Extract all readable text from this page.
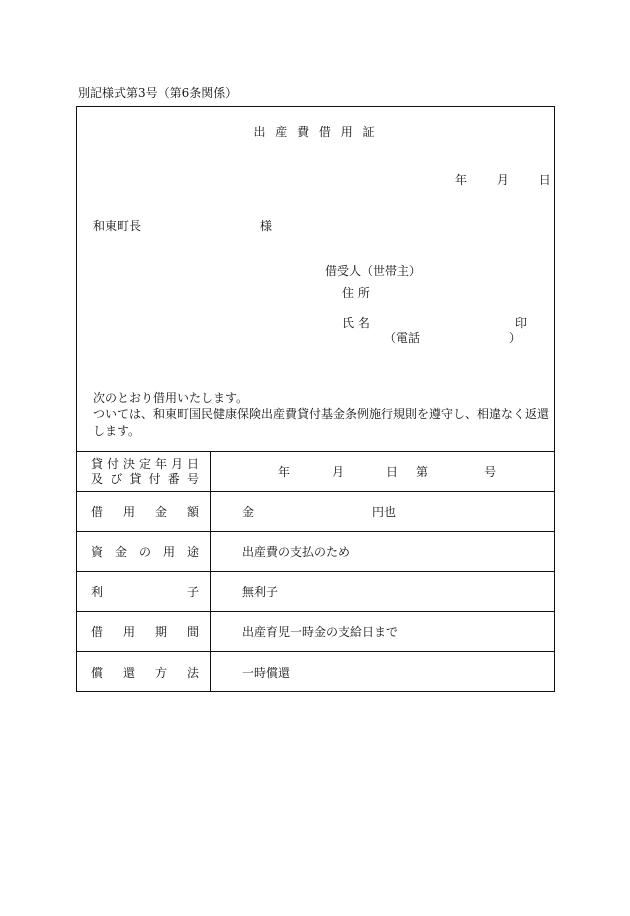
別記様式第3号（第6条関係）
出 産 費 借 用 証
年 月 日
和東町長	様
借受人（世帯主）
住 所
氏 名	印
（電話	）
次のとおり借用いたします。
ついては、和東町国民健康保険出産費貸付基金条例施行規則を遵守し、相違なく返還します。
貸付決定年月日
及び貸付番号	年	月	日 第	号
借用金額	金	円也
資金の用途	出産費の支払のため
利子	無利子
借用期間	出産育児一時金の支給日まで
償還方法	一時償還
